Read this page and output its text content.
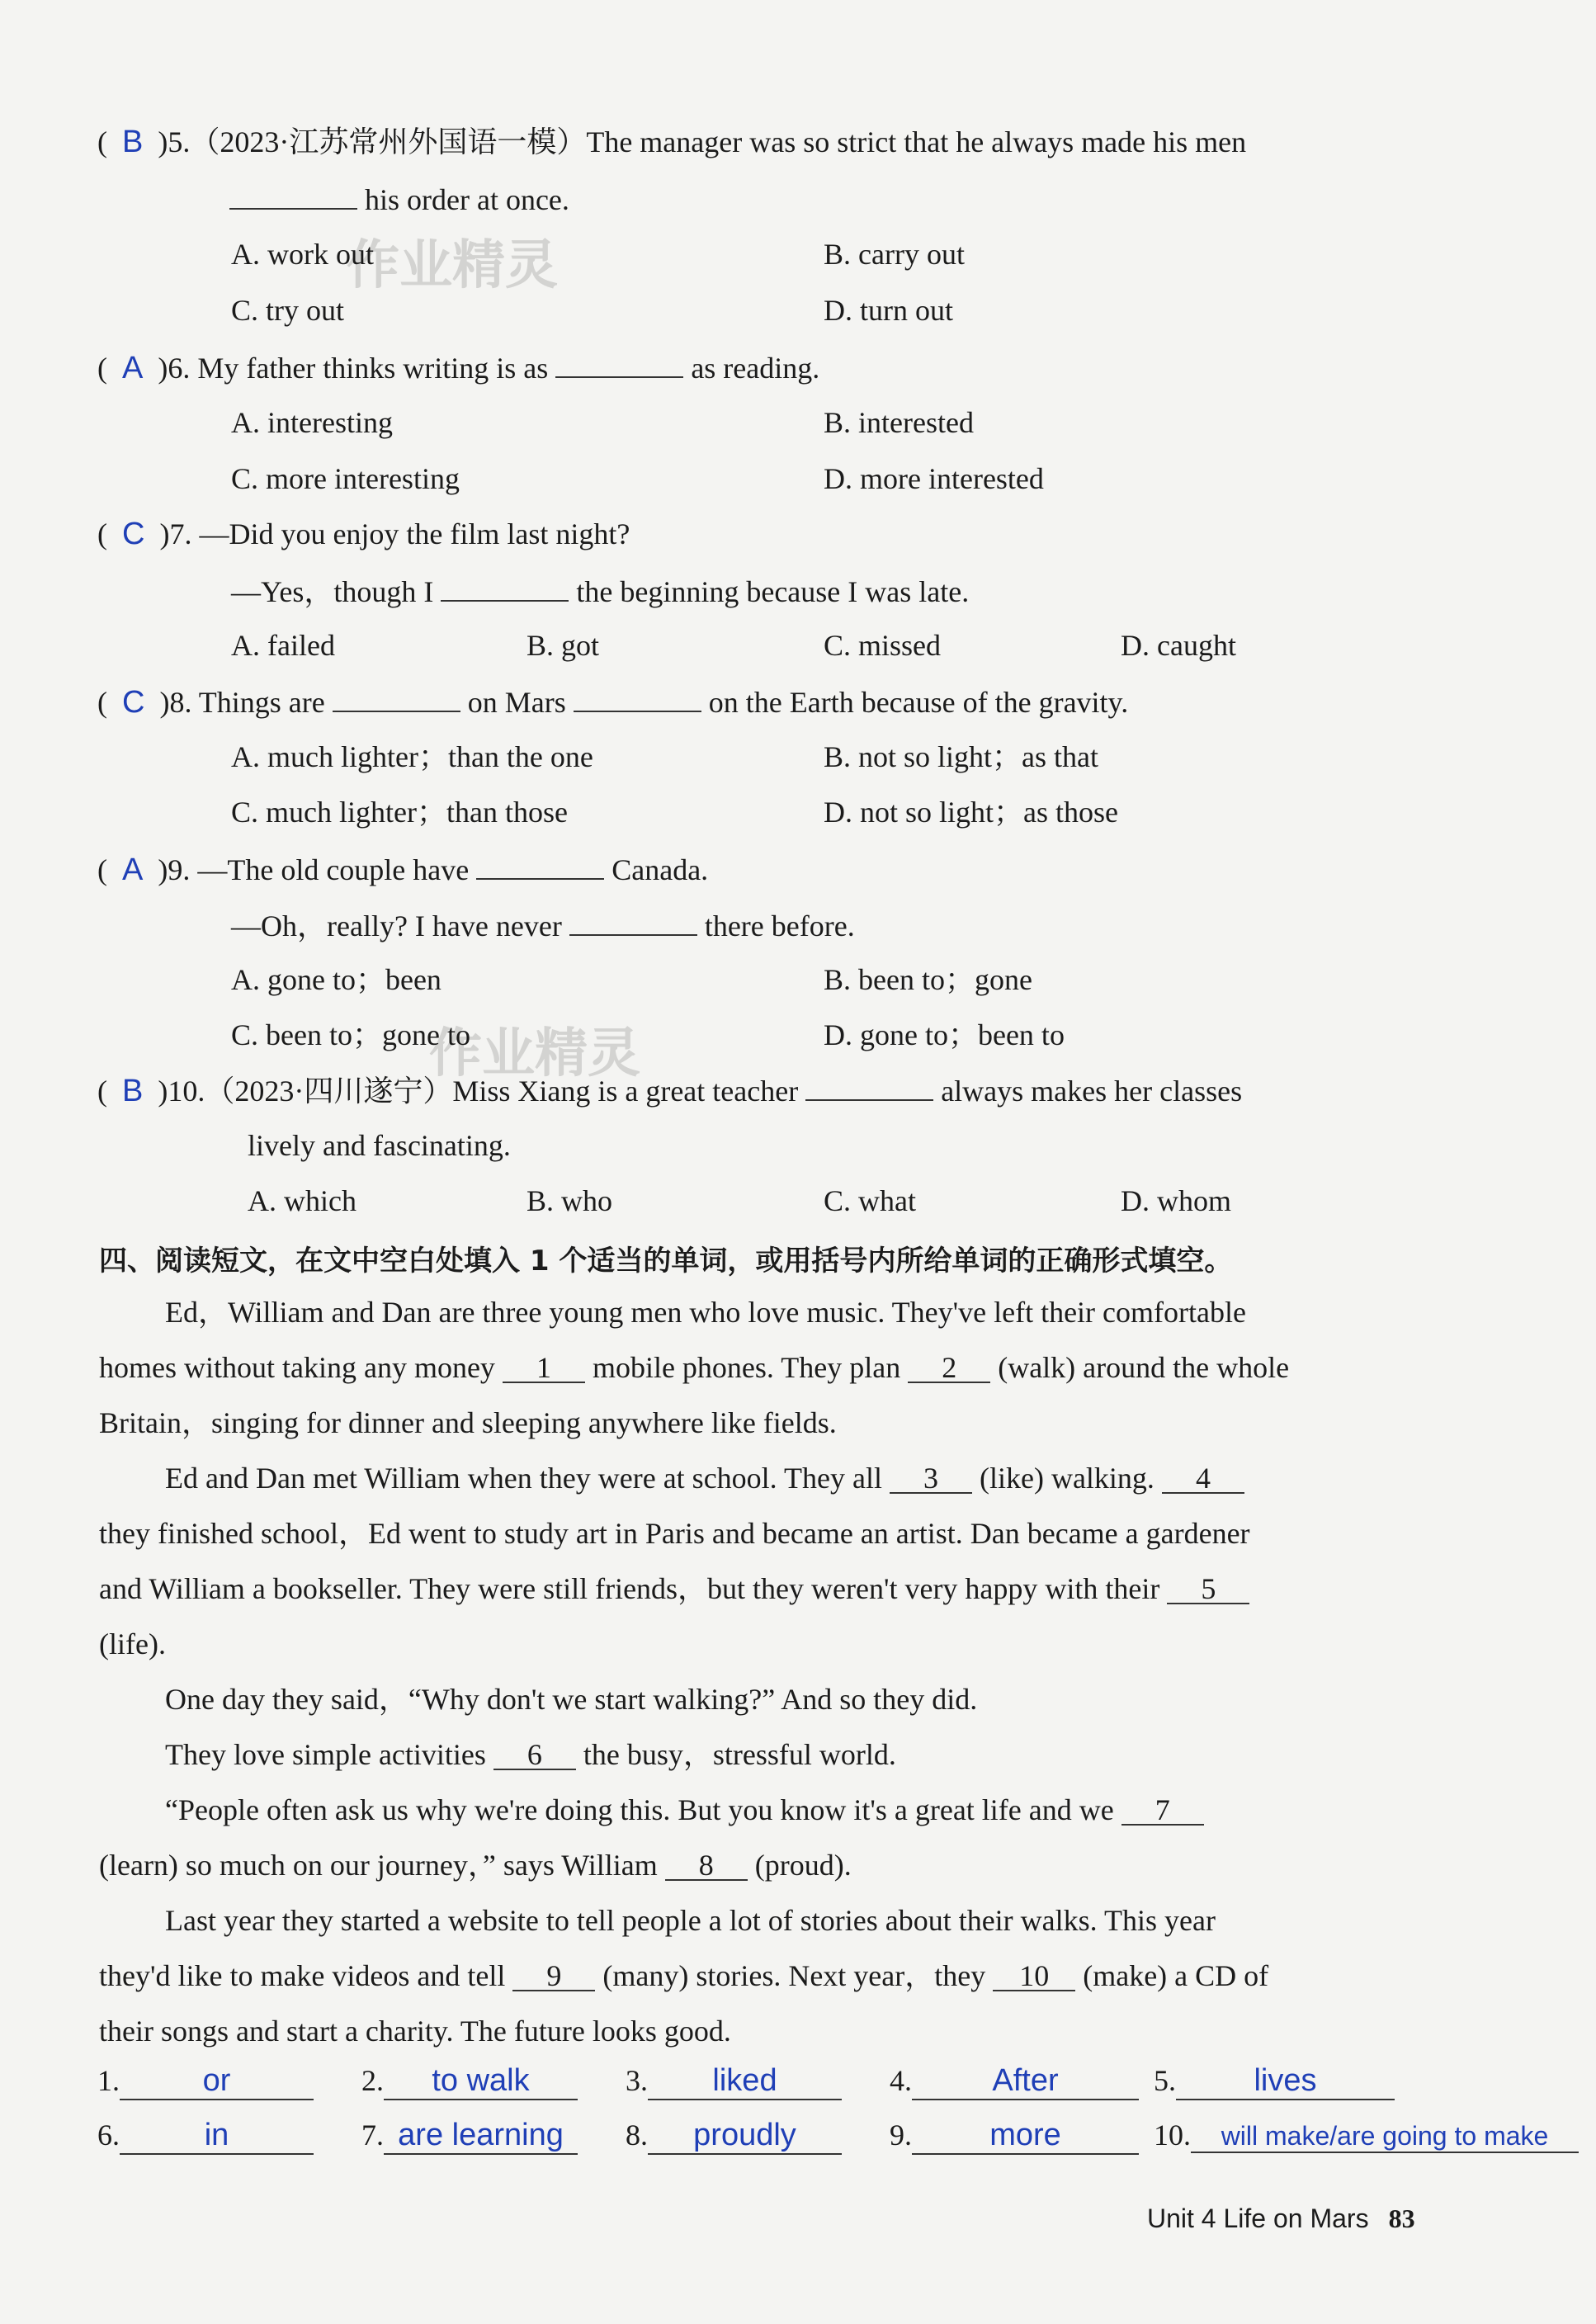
作业精灵
作业精灵
(  B )5.（2023·江苏常州外国语一模）The manager was so strict that he always made his men
his order at once.
A. work out	B. carry out
C. try out	D. turn out
(  A )6. My father thinks writing is as	as reading.
A. interesting	B. interested
C. more interesting	D. more interested
(  C )7. —Did you enjoy the film last night?
—Yes，though I	the beginning because I was late.
A. failed	B. got	C. missed	D. caught
(  C )8. Things are	on Mars	on the Earth because of the gravity.
A. much lighter；than the one	B. not so light；as that
C. much lighter；than those	D. not so light；as those
(  A )9. —The old couple have	Canada.
—Oh，really? I have never	there before.
A. gone to；been	B. been to；gone
C. been to；gone to	D. gone to；been to
(  B )10.（2023·四川遂宁）Miss Xiang is a great teacher	always makes her classes
lively and fascinating.
A. which	B. who	C. what	D. whom
四、阅读短文，在文中空白处填入 1 个适当的单词，或用括号内所给单词的正确形式填空。
Ed，William and Dan are three young men who love music. They've left their comfortable
homes without taking any money 1 mobile phones. They plan 2 (walk) around the whole
Britain，singing for dinner and sleeping anywhere like fields.
Ed and Dan met William when they were at school. They all 3 (like) walking. 4
they finished school，Ed went to study art in Paris and became an artist. Dan became a gardener
and William a bookseller. They were still friends，but they weren't very happy with their 5
(life).
One day they said，“Why don't we start walking?” And so they did.
They love simple activities 6 the busy，stressful world.
“People often ask us why we're doing this. But you know it's a great life and we 7
(learn) so much on our journey，” says William 8 (proud).
Last year they started a website to tell people a lot of stories about their walks. This year
they'd like to make videos and tell 9 (many) stories. Next year，they 10 (make) a CD of
their songs and start a charity. The future looks good.
1.	or	2. to walk	3. liked	4.	After	5. lives
6.	in	7. are learning	8. proudly	9. more	10. will make/are going to make
Unit 4 Life on Mars 83
